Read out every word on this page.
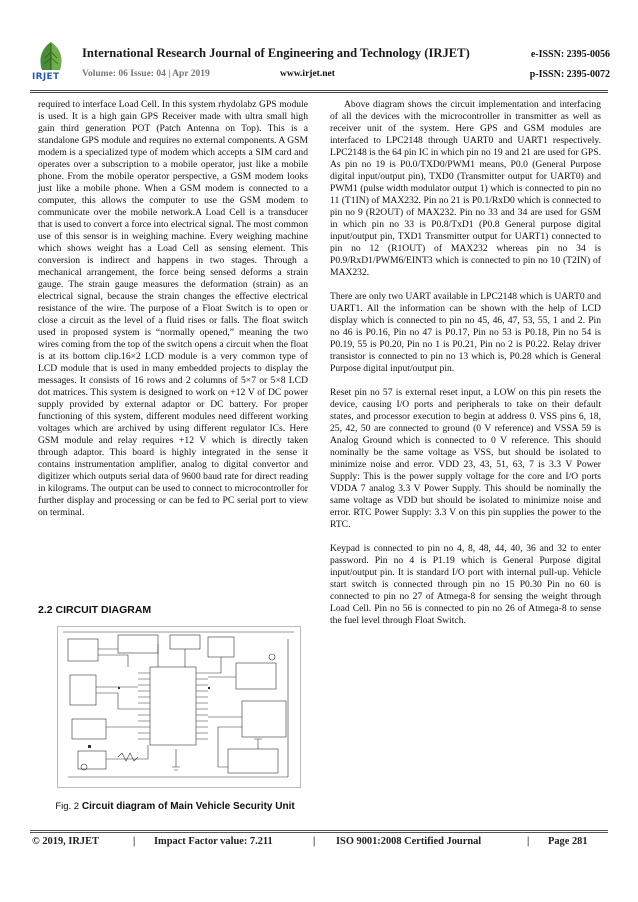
IRJET
International Research Journal of Engineering and Technology (IRJET)	e-ISSN: 2395-0056
Volume: 06 Issue: 04 | Apr 2019	www.irjet.net	p-ISSN: 2395-0072

required to interface Load Cell. In this system rhydolabz GPS module is used. It is a high gain GPS Receiver made with ultra small high gain third generation POT (Patch Antenna on Top). This is a standalone GPS module and requires no external components. A GSM modem is a specialized type of modem which accepts a SIM card and operates over a subscription to a mobile operator, just like a mobile phone. From the mobile operator perspective, a GSM modem looks just like a mobile phone. When a GSM modem is connected to a computer, this allows the computer to use the GSM modem to communicate over the mobile network.A Load Cell is a transducer that is used to convert a force into electrical signal. The most common use of this sensor is in weighing machine. Every weighing machine which shows weight has a Load Cell as sensing element. This conversion is indirect and happens in two stages. Through a mechanical arrangement, the force being sensed deforms a strain gauge. The strain gauge measures the deformation (strain) as an electrical signal, because the strain changes the effective electrical resistance of the wire. The purpose of a Float Switch is to open or close a circuit as the level of a fluid rises or falls. The float switch used in proposed system is “normally opened,” meaning the two wires coming from the top of the switch opens a circuit when the float is at its bottom clip.16×2 LCD module is a very common type of LCD module that is used in many embedded projects to display the messages. It consists of 16 rows and 2 columns of 5×7 or 5×8 LCD dot matrices. This system is designed to work on +12 V of DC power supply provided by external adaptor or DC battery. For proper functioning of this system, different modules need different working voltages which are archived by using different regulator ICs. Here GSM module and relay requires +12 V which is directly taken through adaptor. This board is highly integrated in the sense it contains instrumentation amplifier, analog to digital convertor and digitizer which outputs serial data of 9600 baud rate for direct reading in kilograms. The output can be used to connect to microcontroller for further display and processing or can be fed to PC serial port to view on terminal.

2.2 CIRCUIT DIAGRAM
Fig. 2 Circuit diagram of Main Vehicle Security Unit

Above diagram shows the circuit implementation and interfacing of all the devices with the microcontroller in transmitter as well as receiver unit of the system. Here GPS and GSM modules are interfaced to LPC2148 through UART0 and UART1 respectively. LPC2148 is the 64 pin IC in which pin no 19 and 21 are used for GPS. As pin no 19 is P0.0/TXD0/PWM1 means, P0.0 (General Purpose digital input/output pin), TXD0 (Transmitter output for UART0) and PWM1 (pulse width modulator output 1) which is connected to pin no 11 (T1IN) of MAX232. Pin no 21 is P0.1/RxD0 which is connected to pin no 9 (R2OUT) of MAX232. Pin no 33 and 34 are used for GSM in which pin no 33 is P0.8/TxD1 (P0.8 General purpose digital input/output pin, TXD1 Transmitter output for UART1) connected to pin no 12 (R1OUT) of MAX232 whereas pin no 34 is P0.9/RxD1/PWM6/EINT3 which is connected to pin no 10 (T2IN) of MAX232.

There are only two UART available in LPC2148 which is UART0 and UART1. All the information can be shown with the help of LCD display which is connected to pin no 45, 46, 47, 53, 55, 1 and 2. Pin no 46 is P0.16, Pin no 47 is P0.17, Pin no 53 is P0.18, Pin no 54 is P0.19, 55 is P0.20, Pin no 1 is P0.21, Pin no 2 is P0.22. Relay driver transistor is connected to pin no 13 which is, P0.28 which is General Purpose digital input/output pin.

Reset pin no 57 is external reset input, a LOW on this pin resets the device, causing I/O ports and peripherals to take on their default states, and processor execution to begin at address 0. VSS pins 6, 18, 25, 42, 50 are connected to ground (0 V reference) and VSSA 59 is Analog Ground which is connected to 0 V reference. This should nominally be the same voltage as VSS, but should be isolated to minimize noise and error. VDD 23, 43, 51, 63, 7 is 3.3 V Power Supply: This is the power supply voltage for the core and I/O ports VDDA 7 analog 3.3 V Power Supply. This should be nominally the same voltage as VDD but should be isolated to minimize noise and error. RTC Power Supply: 3.3 V on this pin supplies the power to the RTC.

Keypad is connected to pin no 4, 8, 48, 44, 40, 36 and 32 to enter password. Pin no 4 is P1.19 which is General Purpose digital input/output pin. It is standard I/O port with internal pull-up. Vehicle start switch is connected through pin no 15 P0.30 Pin no 60 is connected to pin no 27 of Atmega-8 for sensing the weight through Load Cell. Pin no 56 is connected to pin no 26 of Atmega-8 to sense the fuel level through Float Switch.

© 2019, IRJET	| Impact Factor value: 7.211	| ISO 9001:2008 Certified Journal	| Page 281
